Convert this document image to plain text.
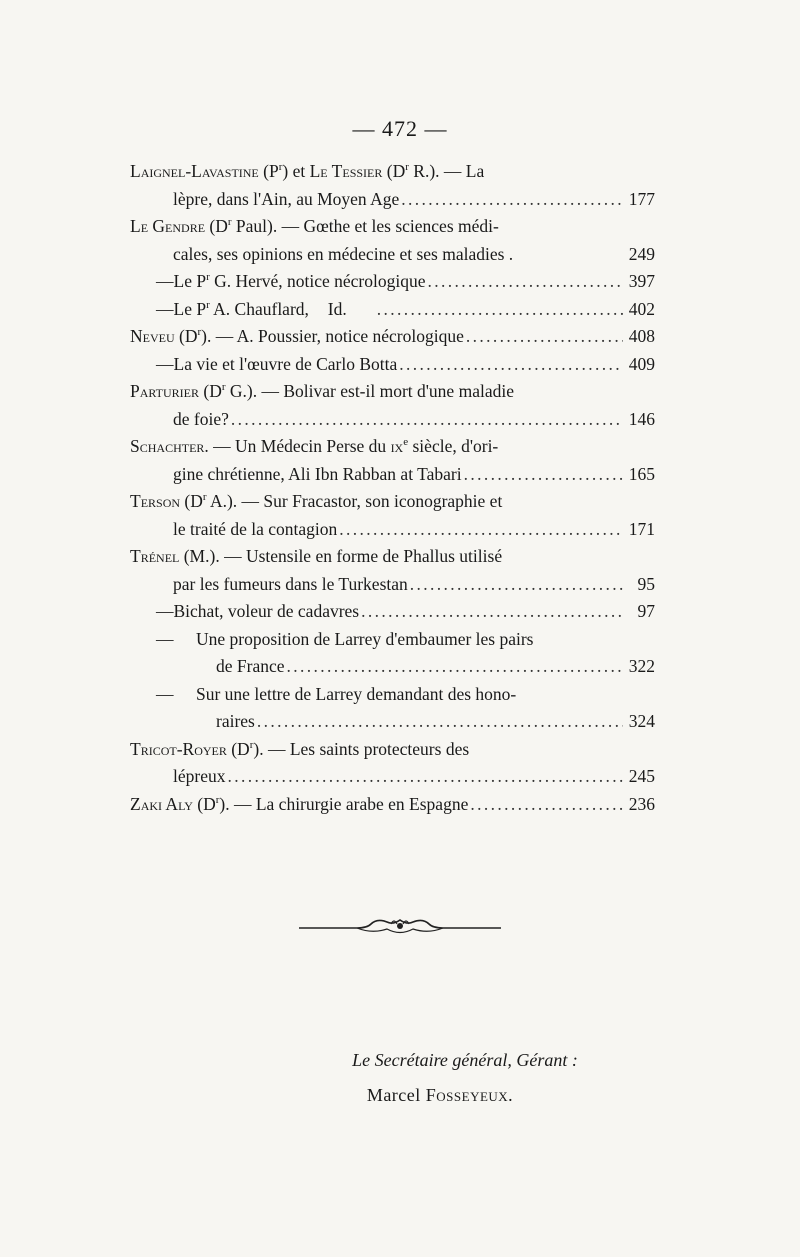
— 472 —
Laignel-Lavastine $(P^r)$ et Le Tessier ($D^r$ R.). — La
lèpre, dans l'Ain, au Moyen Age . . .	177
Le Gendre ($D^r$ Paul). — Gœthe et les sciences médi-
cales, ses opinions en médecine et ses maladies .	249
— Le $P^r$ G. Hervé, notice nécrologique . . .	397
— Le $P^r$ A. Chauflard, Id. . . .	402
Neveu $(D^r)$. — A. Poussier, notice nécrologique . . .	408
— La vie et l'œuvre de Carlo Botta . . .	409
Parturier ($D^r$ G.). — Bolivar est-il mort d'une maladie
de foie? . . .	146
Schachter. — Un Médecin Perse du $ix^e$ siècle, d'ori-
gine chrétienne, Ali Ibn Rabban at Tabari . . .	165
Terson ($D^r$ A.). — Sur Fracastor, son iconographie et
le traité de la contagion . . .	171
Trénel (M.). — Ustensile en forme de Phallus utilisé
par les fumeurs dans le Turkestan . . .	95
— Bichat, voleur de cadavres . . .	97
—	Une proposition de Larrey d'embaumer les pairs
de France . . .	322
—	Sur une lettre de Larrey demandant des hono-
raires . . .	324
Tricot-Royer $(D^r)$. — Les saints protecteurs des
lépreux . . .	245
Zaki Aly $(D^r)$. — La chirurgie arabe en Espagne . . .	236
Le Secrétaire général, Gérant :
Marcel Fosseyeux.
